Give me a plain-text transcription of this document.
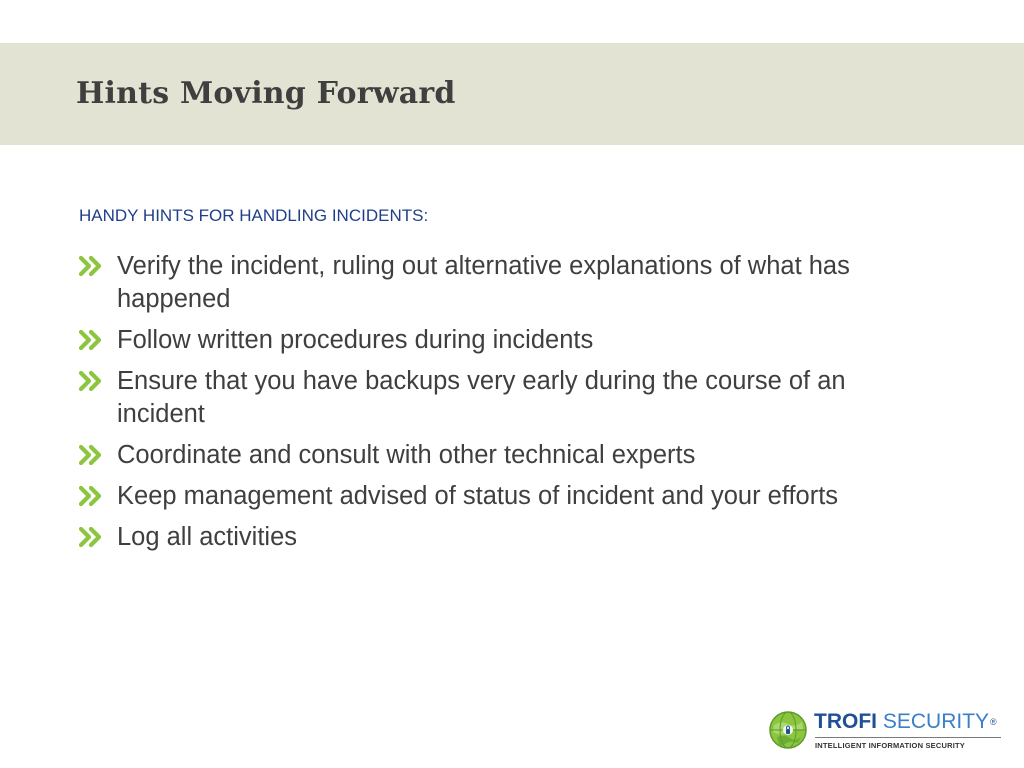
Hints Moving Forward
HANDY HINTS FOR HANDLING INCIDENTS:
Verify the incident, ruling out alternative explanations of what has happened
Follow written procedures during incidents
Ensure that you have backups very early during the course of an incident
Coordinate and consult with other technical experts
Keep management advised of status of incident and your efforts
Log all activities
TROFI SECURITY®
INTELLIGENT INFORMATION SECURITY
